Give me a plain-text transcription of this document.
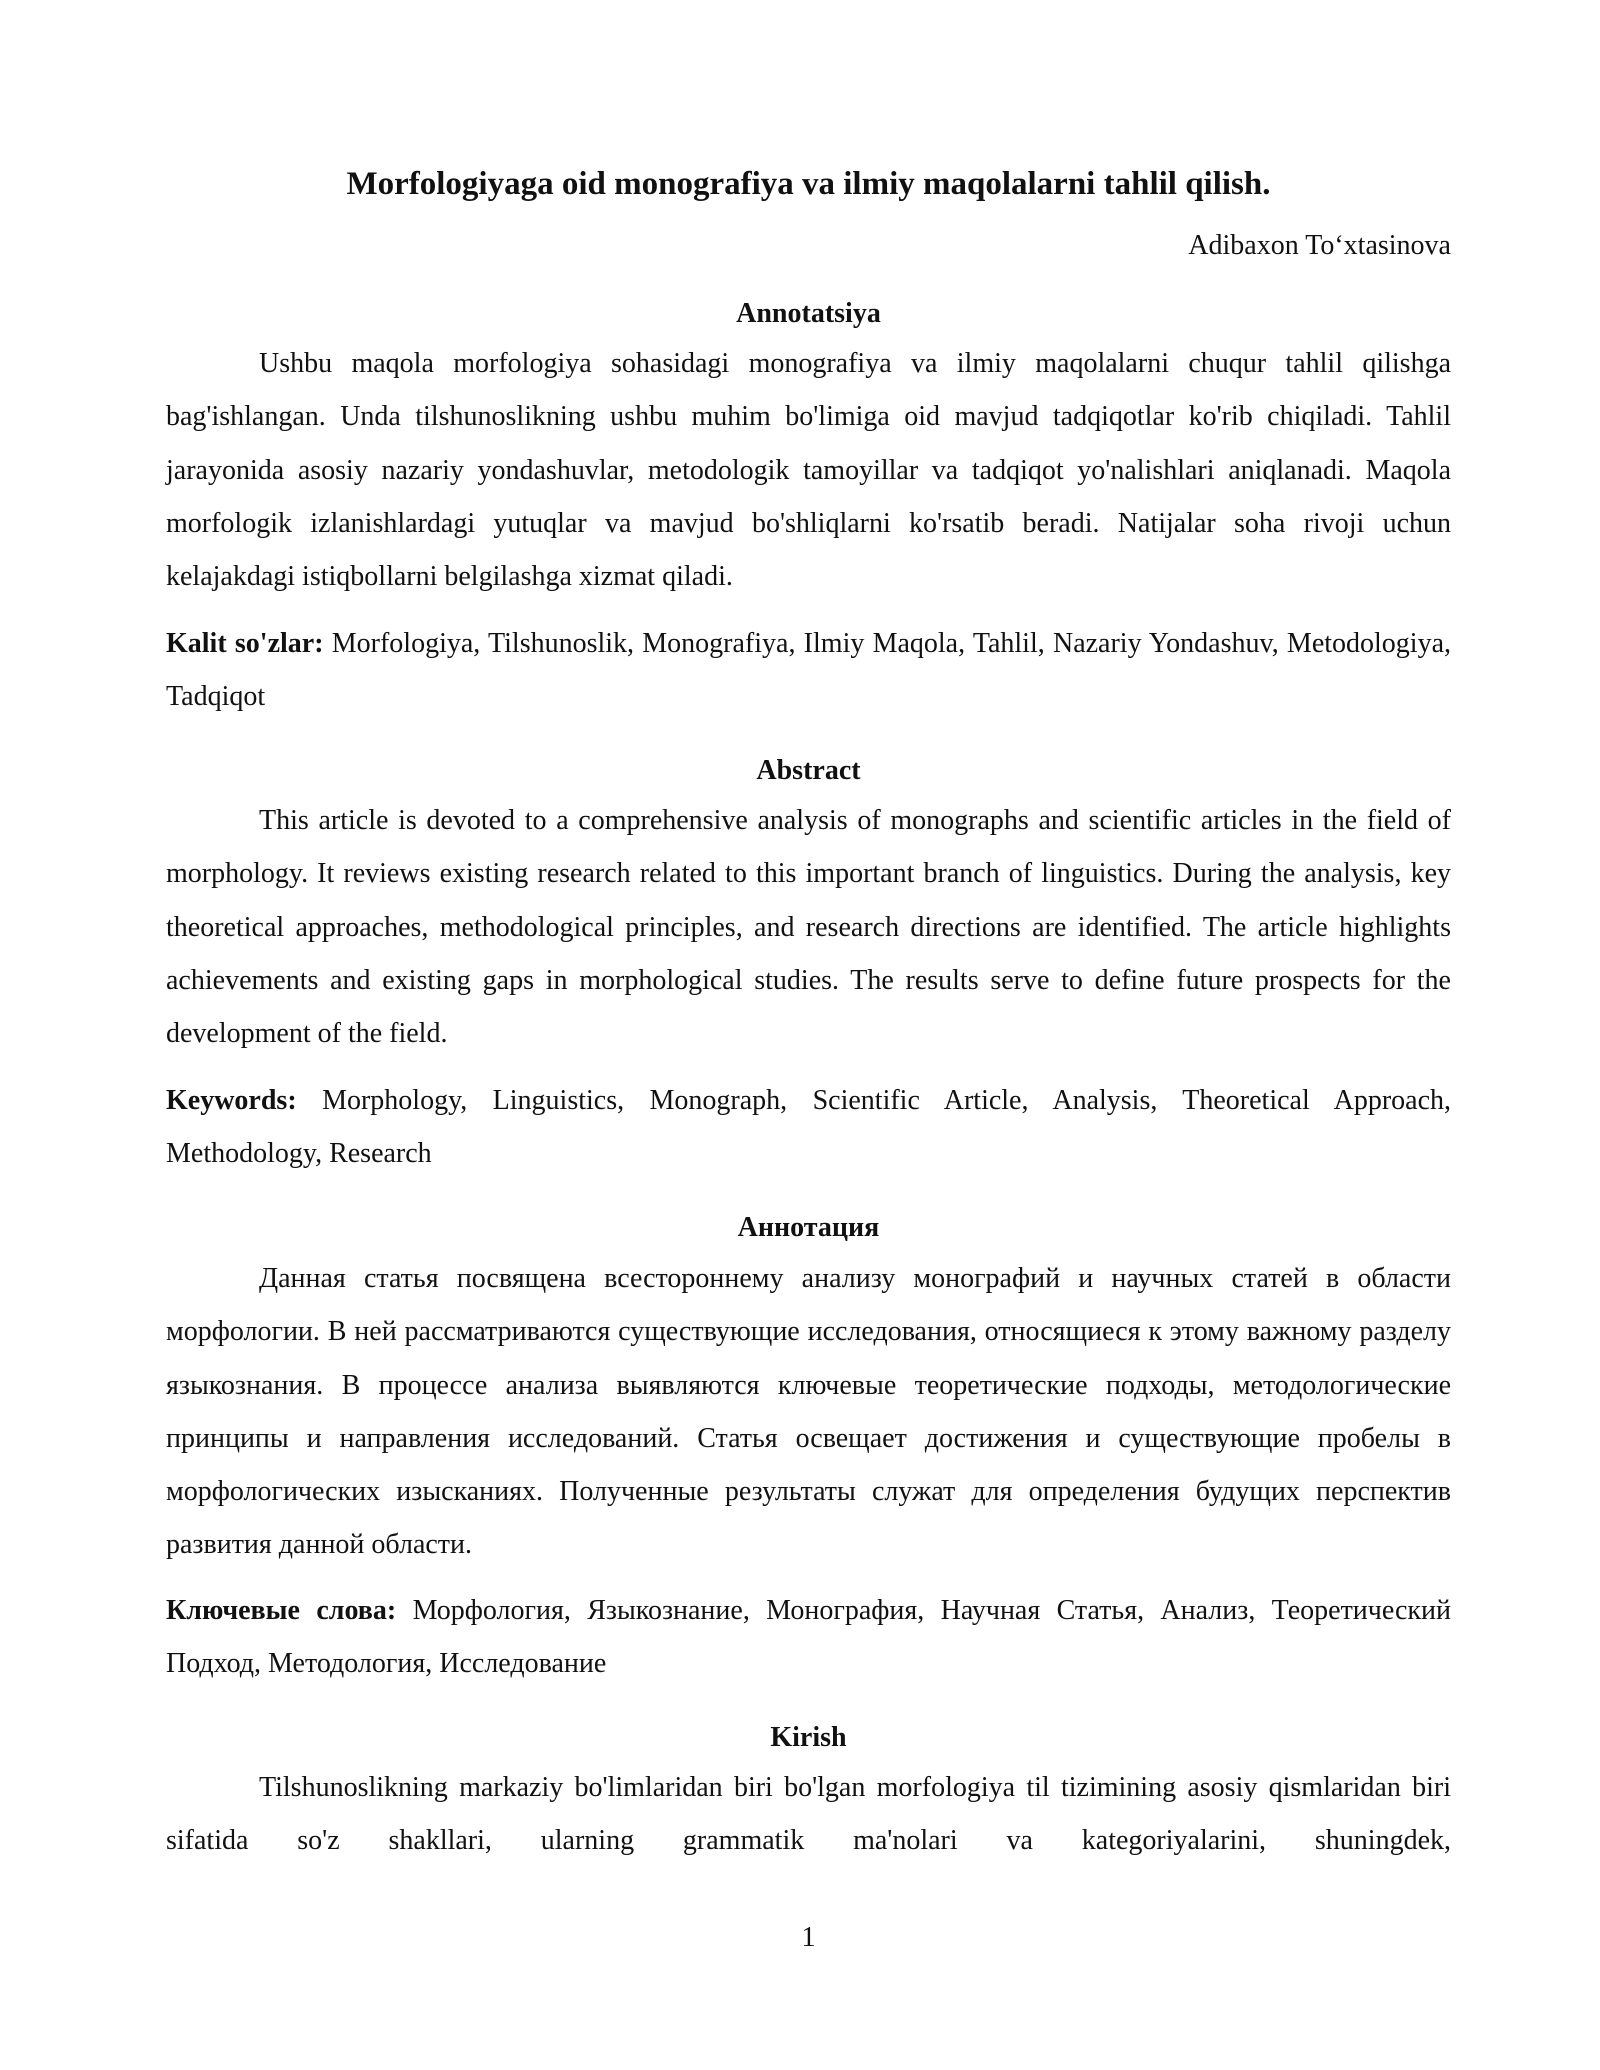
Morfologiyaga oid monografiya va ilmiy maqolalarni tahlil qilish.
Adibaxon To‘xtasinova
Annotatsiya

Ushbu maqola morfologiya sohasidagi monografiya va ilmiy maqolalarni chuqur tahlil qilishga bag'ishlangan. Unda tilshunoslikning ushbu muhim bo'limiga oid mavjud tadqiqotlar ko'rib chiqiladi. Tahlil jarayonida asosiy nazariy yondashuvlar, metodologik tamoyillar va tadqiqot yo'nalishlari aniqlanadi. Maqola morfologik izlanishlardagi yutuqlar va mavjud bo'shliqlarni ko'rsatib beradi. Natijalar soha rivoji uchun kelajakdagi istiqbollarni belgilashga xizmat qiladi.

Kalit so'zlar: Morfologiya, Tilshunoslik, Monografiya, Ilmiy Maqola, Tahlil, Nazariy Yondashuv, Metodologiya, Tadqiqot

Abstract

This article is devoted to a comprehensive analysis of monographs and scientific articles in the field of morphology. It reviews existing research related to this important branch of linguistics. During the analysis, key theoretical approaches, methodological principles, and research directions are identified. The article highlights achievements and existing gaps in morphological studies. The results serve to define future prospects for the development of the field.

Keywords: Morphology, Linguistics, Monograph, Scientific Article, Analysis, Theoretical Approach, Methodology, Research

Аннотация

Данная статья посвящена всестороннему анализу монографий и научных статей в области морфологии. В ней рассматриваются существующие исследования, относящиеся к этому важному разделу языкознания. В процессе анализа выявляются ключевые теоретические подходы, методологические принципы и направления исследований. Статья освещает достижения и существующие пробелы в морфологических изысканиях. Полученные результаты служат для определения будущих перспектив развития данной области.

Ключевые слова: Морфология, Языкознание, Монография, Научная Статья, Анализ, Теоретический Подход, Методология, Исследование

Kirish

Tilshunoslikning markaziy bo'limlaridan biri bo'lgan morfologiya til tizimining asosiy qismlaridan biri sifatida so'z shakllari, ularning grammatik ma'nolari va kategoriyalarini, shuningdek,

1
